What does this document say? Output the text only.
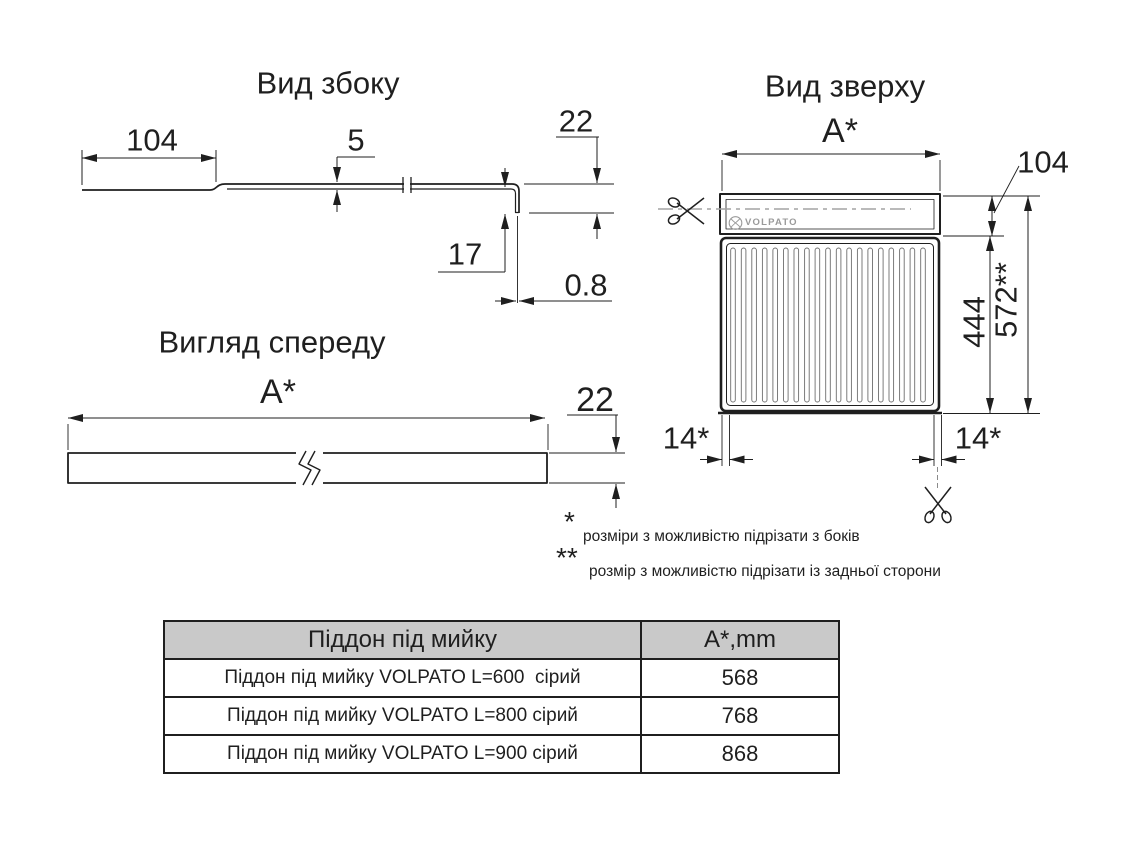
Вид збоку
104	5
22
17
0.8
Вигляд спереду
A*	22
Вид зверху
A*
104
444
572**
14*	14*
VOLPATO
* розміри з можливістю підрізати з боків
** розмір з можливістю підрізати із задньої сторони
Піддон під мийку	A*,mm
Піддон під мийку VOLPATO L=600  сірий	568
Піддон під мийку VOLPATO L=800 сірий	768
Піддон під мийку VOLPATO L=900 сірий	868
